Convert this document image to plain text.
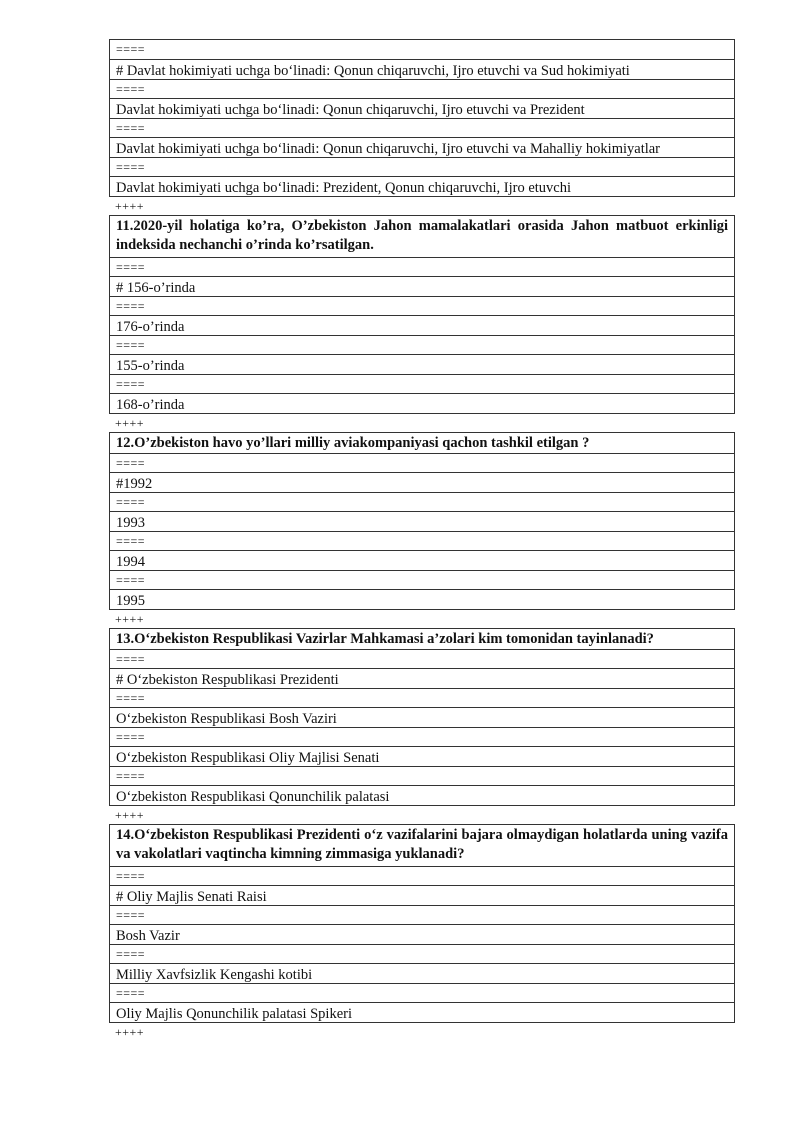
====
# Davlat hokimiyati uchga bo‘linadi: Qonun chiqaruvchi, Ijro etuvchi va Sud hokimiyati
====
Davlat hokimiyati uchga bo‘linadi: Qonun chiqaruvchi, Ijro etuvchi va Prezident
====
Davlat hokimiyati uchga bo‘linadi: Qonun chiqaruvchi, Ijro etuvchi va Mahalliy hokimiyatlar
====
Davlat hokimiyati uchga bo‘linadi: Prezident, Qonun chiqaruvchi, Ijro etuvchi
++++
11.2020-yil holatiga ko’ra, O’zbekiston Jahon mamalakatlari orasida Jahon matbuot erkinligi indeksida nechanchi o’rinda ko’rsatilgan.
====
# 156-o’rinda
====
176-o’rinda
====
155-o’rinda
====
168-o’rinda
++++
12.O’zbekiston havo yo’llari milliy aviakompaniyasi qachon tashkil etilgan ?
====
#1992
====
1993
====
1994
====
1995
++++
13.O‘zbekiston Respublikasi Vazirlar Mahkamasi a’zolari kim tomonidan tayinlanadi?
====
# O‘zbekiston Respublikasi Prezidenti
====
O‘zbekiston Respublikasi Bosh Vaziri
====
O‘zbekiston Respublikasi Oliy Majlisi Senati
====
O‘zbekiston Respublikasi Qonunchilik palatasi
++++
14.O‘zbekiston Respublikasi Prezidenti o‘z vazifalarini bajara olmaydigan holatlarda uning vazifa va vakolatlari vaqtincha kimning zimmasiga yuklanadi?
====
# Oliy Majlis Senati Raisi
====
Bosh Vazir
====
Milliy Xavfsizlik Kengashi kotibi
====
Oliy Majlis Qonunchilik palatasi Spikeri
++++
